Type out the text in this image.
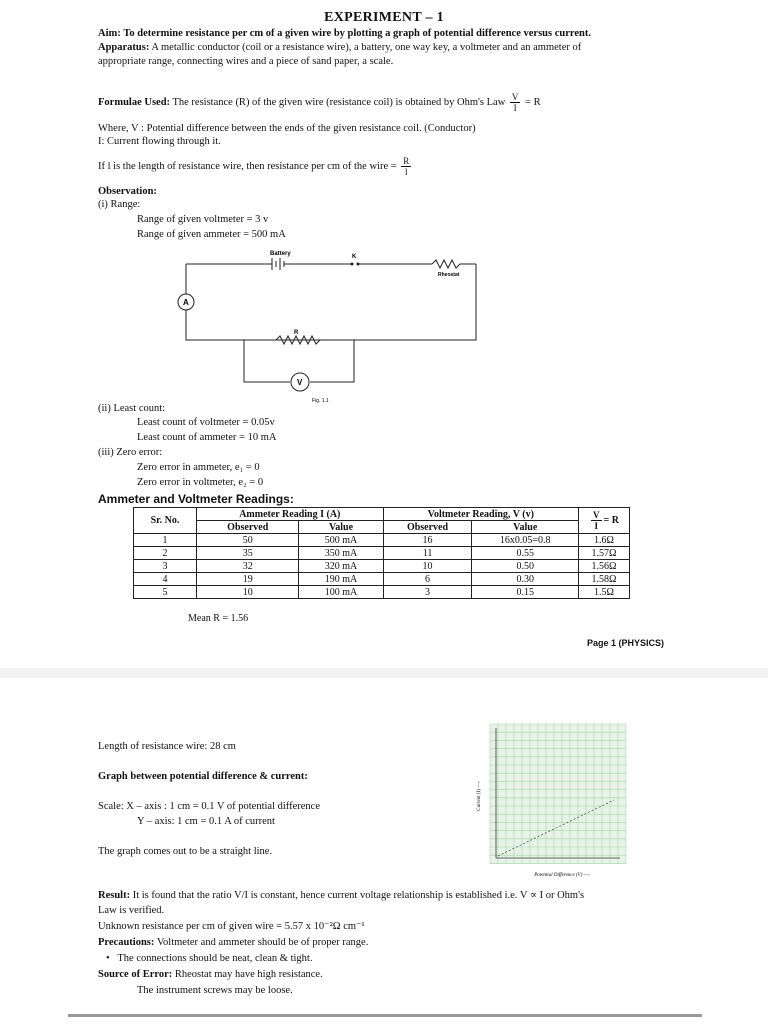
EXPERIMENT – 1
Aim: To determine resistance per cm of a given wire by plotting a graph of potential difference versus current.
Apparatus: A metallic conductor (coil or a resistance wire), a battery, one way key, a voltmeter and an ammeter of
appropriate range, connecting wires and a piece of sand paper, a scale.
Formulae Used: The resistance (R) of the given wire (resistance coil) is obtained by Ohm's Law $\frac{V}{I} = R$
Where, V : Potential difference between the ends of the given resistance coil. (Conductor)
I: Current flowing through it.
If l is the length of resistance wire, then resistance per cm of the wire = $\frac{R}{l}$
Observation:
(i) Range:
Range of given voltmeter = 3 v
Range of given ammeter = 500 mA
Battery	K
Rheostat
R
A
V
Fig. 1.1
(ii) Least count:
Least count of voltmeter = 0.05v
Least count of ammeter = 10 mA
(iii) Zero error:
Zero error in ammeter, e₁ = 0
Zero error in voltmeter, e₂ = 0
Ammeter and Voltmeter Readings:
Sr. No.	Ammeter Reading I (A)		Voltmeter Reading, V (v)		$\frac{V}{I} = R$
	Observed	Value	Observed	Value	
1	50	500 mA	16	16x0.05=0.8	1.6Ω
2	35	350 mA	11	0.55	1.57Ω
3	32	320 mA	10	0.50	1.56Ω
4	19	190 mA	6	0.30	1.58Ω
5	10	100 mA	3	0.15	1.5Ω
Mean R = 1.56
Page 1 (PHYSICS)
Length of resistance wire: 28 cm
Graph between potential difference & current:
Scale: X – axis : 1 cm = 0.1 V of potential difference
Y – axis: 1 cm = 0.1 A of current
The graph comes out to be a straight line.
Current (I) —›
Potential Difference (V) —›
Result: It is found that the ratio V/I is constant, hence current voltage relationship is established i.e. V ∝ I or Ohm's
Law is verified.
Unknown resistance per cm of given wire = 5.57 x 10⁻²Ω cm⁻¹
Precautions: Voltmeter and ammeter should be of proper range.
• The connections should be neat, clean & tight.
Source of Error: Rheostat may have high resistance.
The instrument screws may be loose.
